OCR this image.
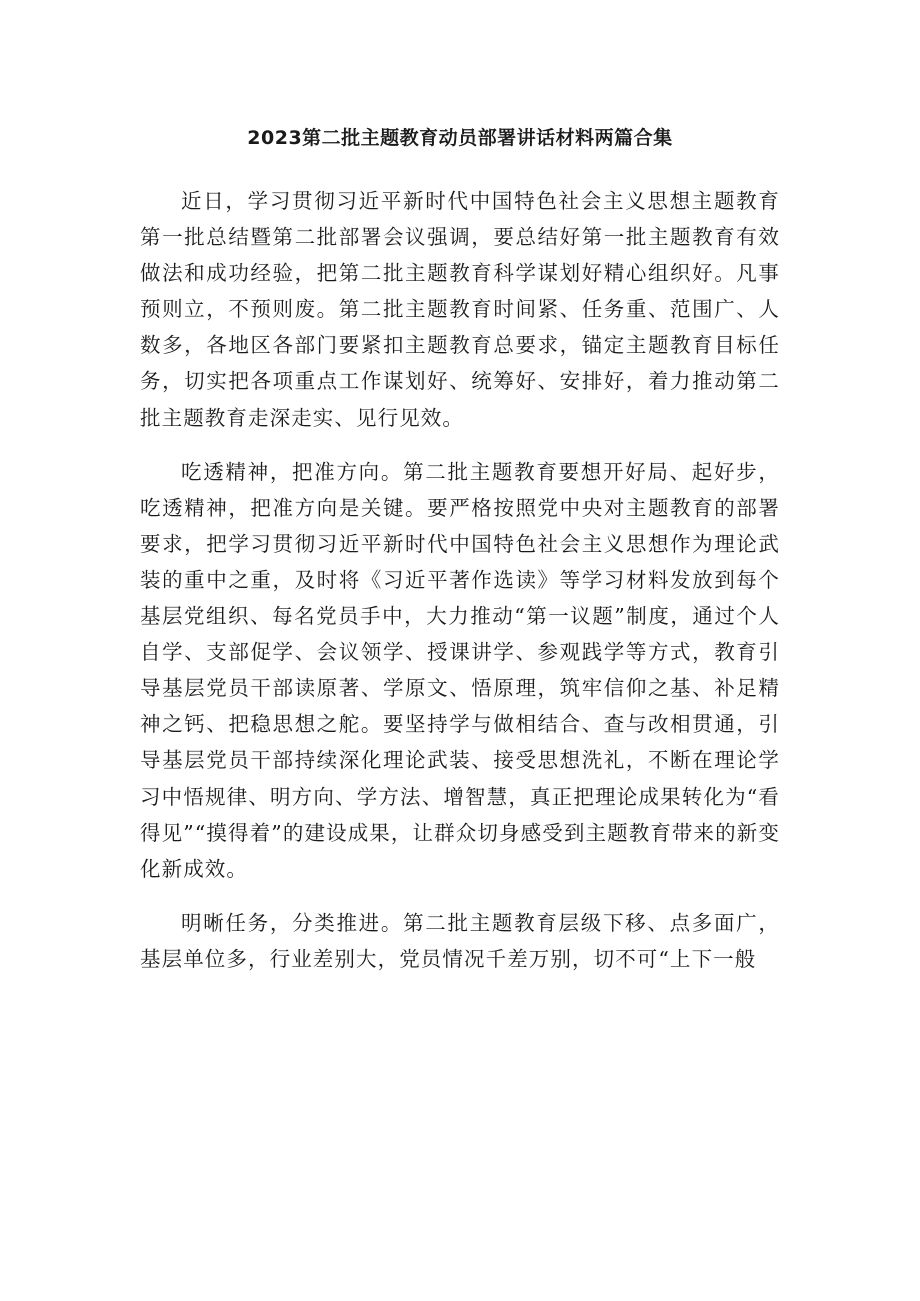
2023第二批主题教育动员部署讲话材料两篇合集

近日，学习贯彻习近平新时代中国特色社会主义思想主题教育第一批总结暨第二批部署会议强调，要总结好第一批主题教育有效做法和成功经验，把第二批主题教育科学谋划好精心组织好。凡事预则立，不预则废。第二批主题教育时间紧、任务重、范围广、人数多，各地区各部门要紧扣主题教育总要求，锚定主题教育目标任务，切实把各项重点工作谋划好、统筹好、安排好，着力推动第二批主题教育走深走实、见行见效。

吃透精神，把准方向。第二批主题教育要想开好局、起好步，吃透精神，把准方向是关键。要严格按照党中央对主题教育的部署要求，把学习贯彻习近平新时代中国特色社会主义思想作为理论武装的重中之重，及时将《习近平著作选读》等学习材料发放到每个基层党组织、每名党员手中，大力推动“第一议题”制度，通过个人自学、支部促学、会议领学、授课讲学、参观践学等方式，教育引导基层党员干部读原著、学原文、悟原理，筑牢信仰之基、补足精神之钙、把稳思想之舵。要坚持学与做相结合、查与改相贯通，引导基层党员干部持续深化理论武装、接受思想洗礼，不断在理论学习中悟规律、明方向、学方法、增智慧，真正把理论成果转化为“看得见”“摸得着”的建设成果，让群众切身感受到主题教育带来的新变化新成效。

明晰任务，分类推进。第二批主题教育层级下移、点多面广，基层单位多，行业差别大，党员情况千差万别，切不可“上下一般
